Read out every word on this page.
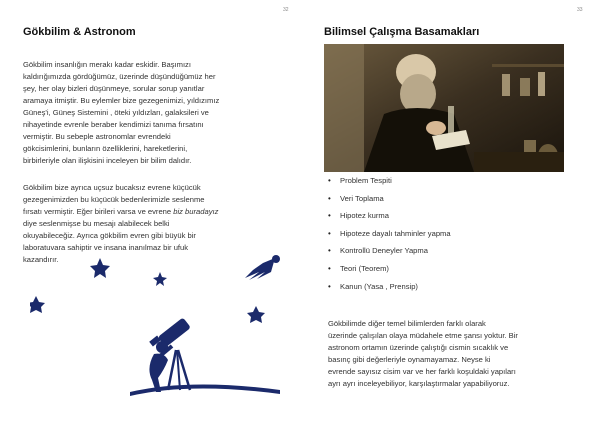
32
Gökbilim & Astronom
Gökbilim insanlığın merakı kadar eskidir. Başımızı
kaldırığımızda gördüğümüz, üzerinde düşündüğümüz her
şey, her olay bizleri düşünmeye, sorular sorup yanıtlar
aramaya itmiştir. Bu eylemler bize gezegenimizi, yıldızımız
Güneş'i, Güneş Sistemini , öteki yıldızları, galaksileri ve
nihayetinde evrenle beraber kendimizi tanıma fırsatını
vermiştir. Bu sebeple astronomlar evrendeki
gökcisimlerini, bunların özelliklerini, hareketlerini,
birbirleriyle olan ilişkisini inceleyen bir bilim dalıdır.
Gökbilim bize ayrıca uçsuz bucaksız evrene küçücük
gezegenimizden bu küçücük bedenlerimizle seslenme
fırsatı vermiştir. Eğer birileri varsa ve evrene biz buradayız
diye seslenmişse bu mesajı alabilecek belki
okuyabileceğiz. Ayrıca gökbilim evren gibi büyük bir
laboratuvara sahiptir ve insana inanılmaz bir ufuk
kazandırır.
33
Bilimsel Çalışma Basamakları
• Problem Tespiti
• Veri Toplama
• Hipotez kurma
• Hipoteze dayalı tahminler yapma
• Kontrollü Deneyler Yapma
• Teori (Teorem)
• Kanun (Yasa , Prensip)
Gökbilimde diğer temel bilimlerden farklı olarak
üzerinde çalışılan olaya müdahele etme şansı yoktur. Bir
astronom ortamın üzerinde çalıştığı cismin sıcaklık ve
basınç gibi değerleriyle oynamayamaz. Neyse ki
evrende sayısız cisim var ve her farklı koşuldaki yapıları
ayrı ayrı inceleyebiliyor, karşılaştırmalar yapabiliyoruz.
